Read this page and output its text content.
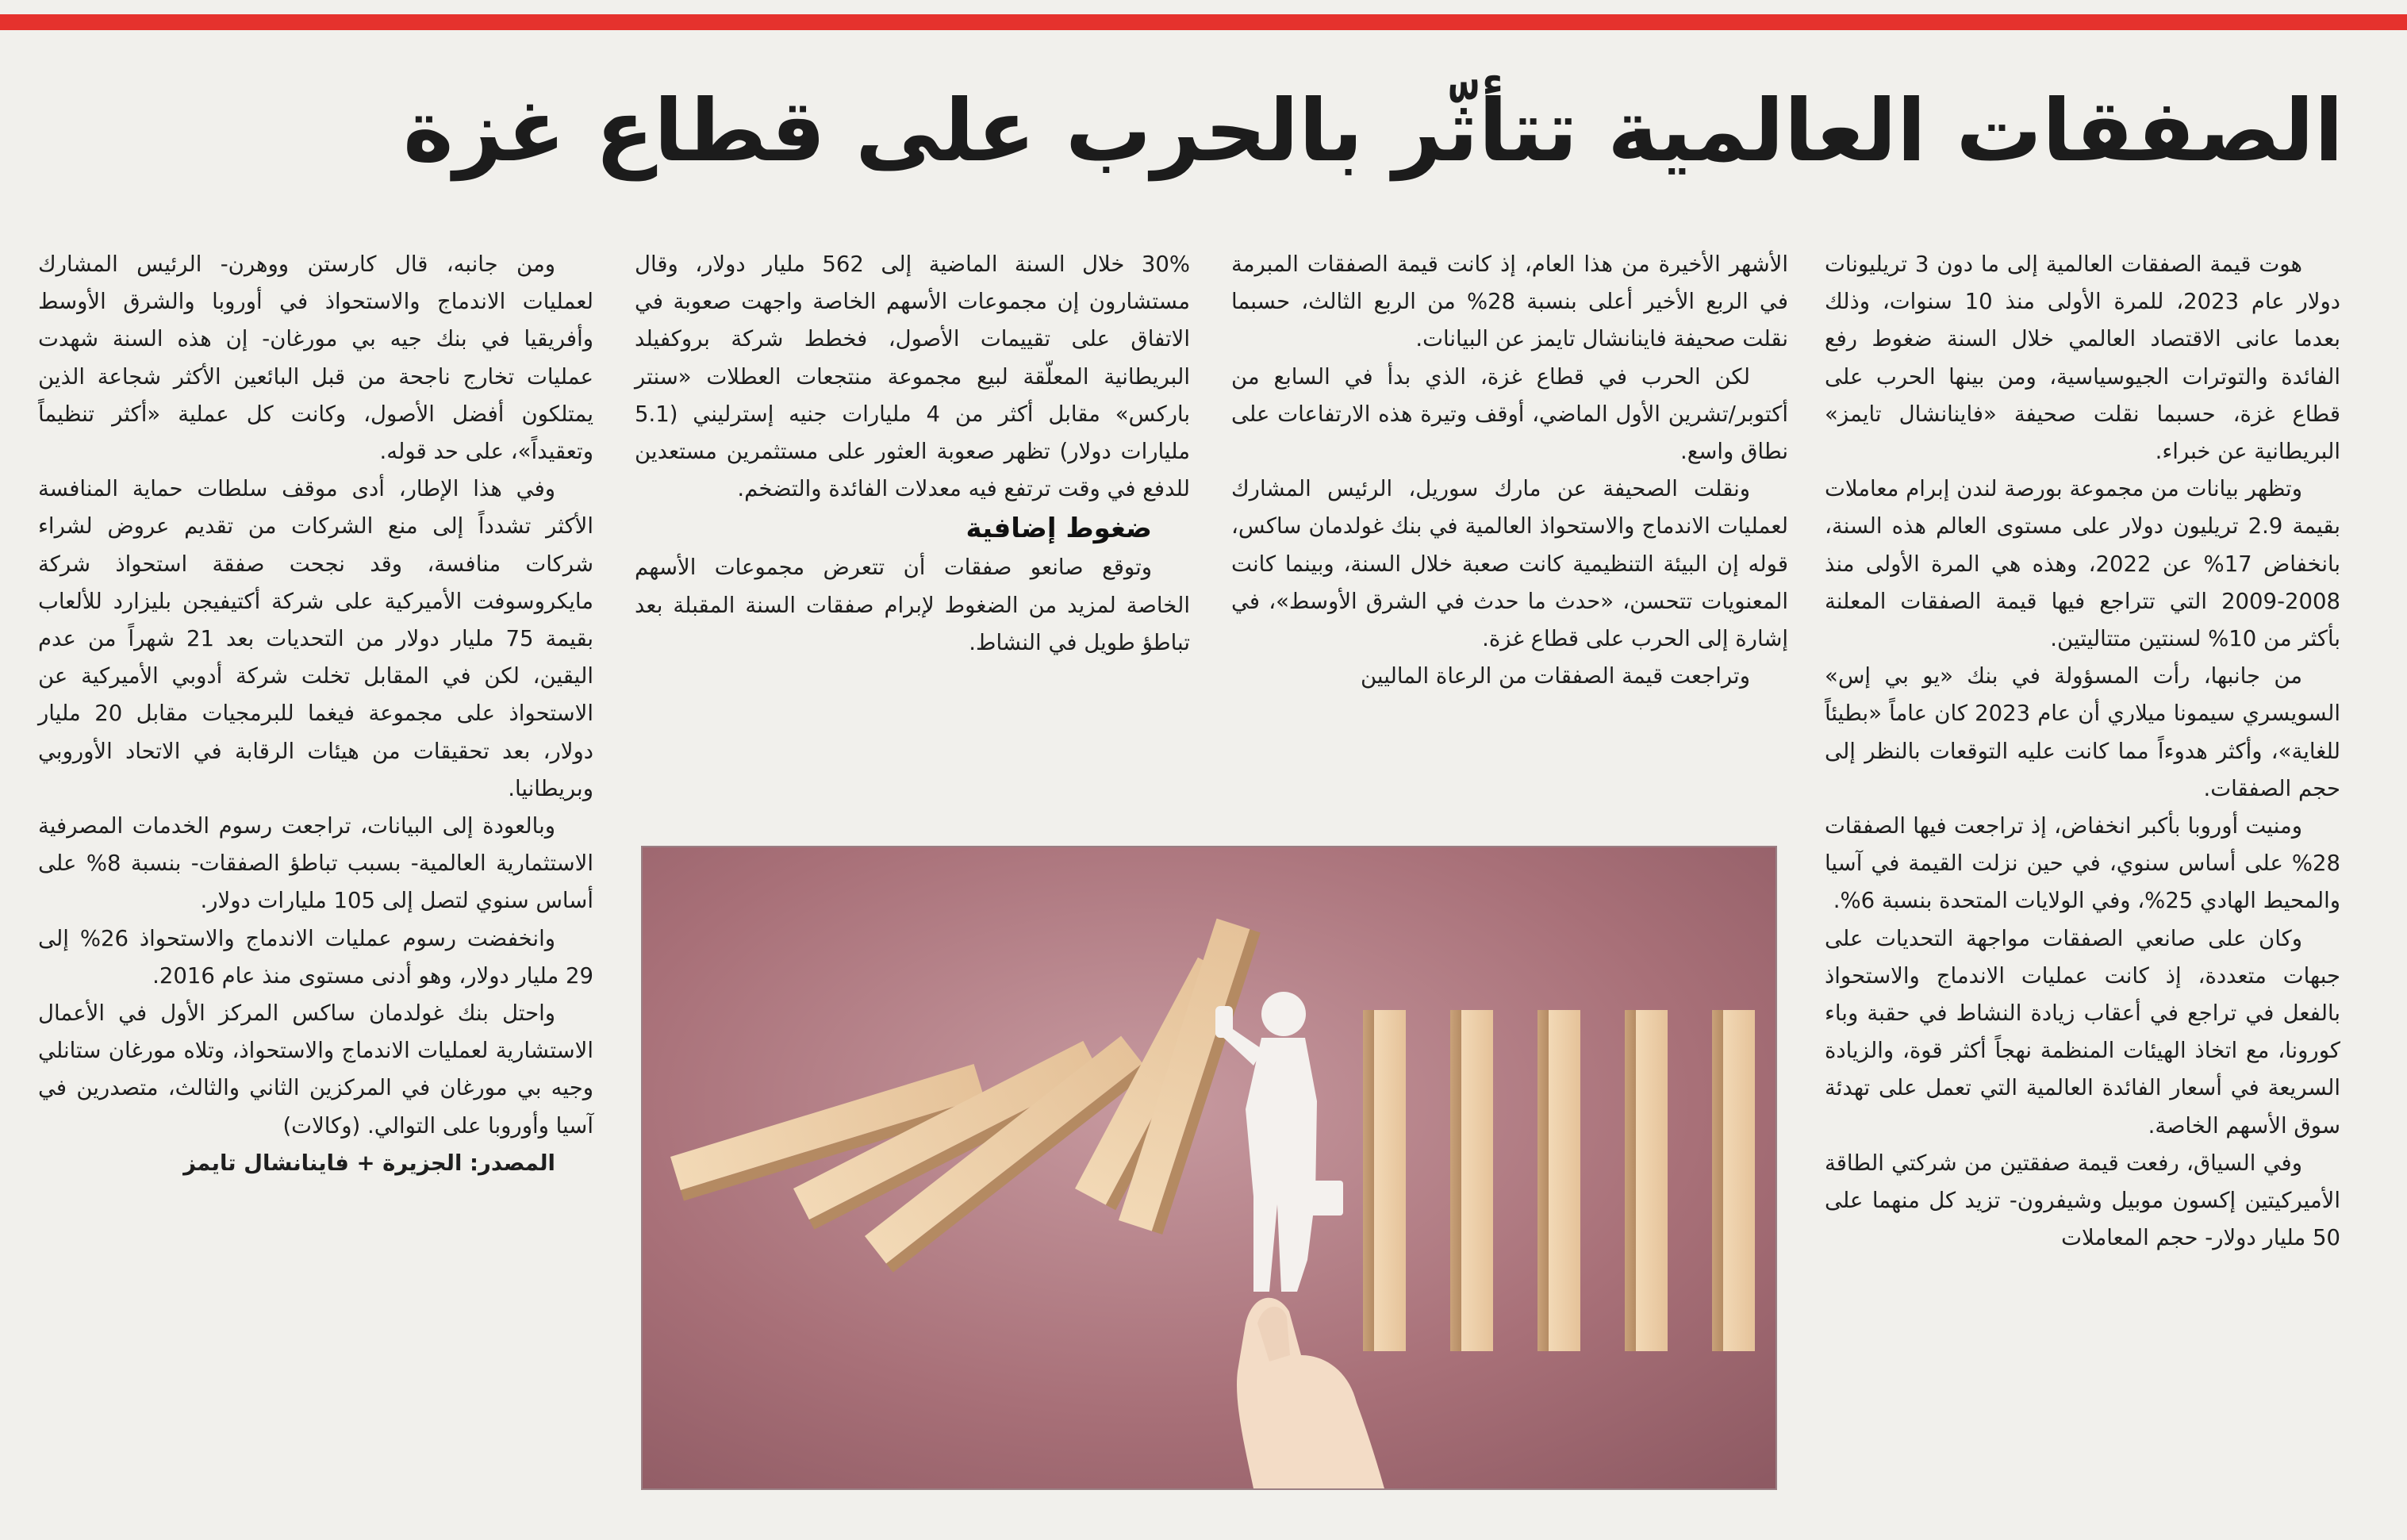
الصفقات العالمية تتأثّر بالحرب على قطاع غزة

هوت قيمة الصفقات العالمية إلى ما دون 3 تريليونات دولار عام 2023، للمرة الأولى منذ 10 سنوات، وذلك بعدما عانى الاقتصاد العالمي خلال السنة ضغوط رفع الفائدة والتوترات الجيوسياسية، ومن بينها الحرب على قطاع غزة، حسبما نقلت صحيفة «فاينانشال تايمز» البريطانية عن خبراء.

وتظهر بيانات من مجموعة بورصة لندن إبرام معاملات بقيمة 2.9 تريليون دولار على مستوى العالم هذه السنة، بانخفاض 17% عن 2022، وهذه هي المرة الأولى منذ 2008-2009 التي تتراجع فيها قيمة الصفقات المعلنة بأكثر من 10% لسنتين متتاليتين.

من جانبها، رأت المسؤولة في بنك «يو بي إس» السويسري سيمونا ميلاري أن عام 2023 كان عاماً «بطيئاً للغاية»، وأكثر هدوءاً مما كانت عليه التوقعات بالنظر إلى حجم الصفقات.

ومنيت أوروبا بأكبر انخفاض، إذ تراجعت فيها الصفقات 28% على أساس سنوي، في حين نزلت القيمة في آسيا والمحيط الهادي 25%، وفي الولايات المتحدة بنسبة 6%.

وكان على صانعي الصفقات مواجهة التحديات على جبهات متعددة، إذ كانت عمليات الاندماج والاستحواذ بالفعل في تراجع في أعقاب زيادة النشاط في حقبة وباء كورونا، مع اتخاذ الهيئات المنظمة نهجاً أكثر قوة، والزيادة السريعة في أسعار الفائدة العالمية التي تعمل على تهدئة سوق الأسهم الخاصة.

وفي السياق، رفعت قيمة صفقتين من شركتي الطاقة الأميركيتين إكسون موبيل وشيفرون- تزيد كل منهما على 50 مليار دولار- حجم المعاملات

الأشهر الأخيرة من هذا العام، إذ كانت قيمة الصفقات المبرمة في الربع الأخير أعلى بنسبة 28% من الربع الثالث، حسبما نقلت صحيفة فاينانشال تايمز عن البيانات.

لكن الحرب في قطاع غزة، الذي بدأ في السابع من أكتوبر/تشرين الأول الماضي، أوقف وتيرة هذه الارتفاعات على نطاق واسع.

ونقلت الصحيفة عن مارك سوريل، الرئيس المشارك لعمليات الاندماج والاستحواذ العالمية في بنك غولدمان ساكس، قوله إن البيئة التنظيمية كانت صعبة خلال السنة، وبينما كانت المعنويات تتحسن، «حدث ما حدث في الشرق الأوسط»، في إشارة إلى الحرب على قطاع غزة.

وتراجعت قيمة الصفقات من الرعاة الماليين

30% خلال السنة الماضية إلى 562 مليار دولار، وقال مستشارون إن مجموعات الأسهم الخاصة واجهت صعوبة في الاتفاق على تقييمات الأصول، فخطط شركة بروكفيلد البريطانية المعلّقة لبيع مجموعة منتجعات العطلات «سنتر باركس» مقابل أكثر من 4 مليارات جنيه إسترليني (5.1 مليارات دولار) تظهر صعوبة العثور على مستثمرين مستعدين للدفع في وقت ترتفع فيه معدلات الفائدة والتضخم.

ضغوط إضافية

وتوقع صانعو صفقات أن تتعرض مجموعات الأسهم الخاصة لمزيد من الضغوط لإبرام صفقات السنة المقبلة بعد تباطؤ طويل في النشاط.

ومن جانبه، قال كارستن ووهرن- الرئيس المشارك لعمليات الاندماج والاستحواذ في أوروبا والشرق الأوسط وأفريقيا في بنك جيه بي مورغان- إن هذه السنة شهدت عمليات تخارج ناجحة من قبل البائعين الأكثر شجاعة الذين يمتلكون أفضل الأصول، وكانت كل عملية «أكثر تنظيماً وتعقيداً»، على حد قوله.

وفي هذا الإطار، أدى موقف سلطات حماية المنافسة الأكثر تشدداً إلى منع الشركات من تقديم عروض لشراء شركات منافسة، وقد نجحت صفقة استحواذ شركة مايكروسوفت الأميركية على شركة أكتيفيجن بليزارد للألعاب بقيمة 75 مليار دولار من التحديات بعد 21 شهراً من عدم اليقين، لكن في المقابل تخلت شركة أدوبي الأميركية عن الاستحواذ على مجموعة فيغما للبرمجيات مقابل 20 مليار دولار، بعد تحقيقات من هيئات الرقابة في الاتحاد الأوروبي وبريطانيا.

وبالعودة إلى البيانات، تراجعت رسوم الخدمات المصرفية الاستثمارية العالمية- بسبب تباطؤ الصفقات- بنسبة 8% على أساس سنوي لتصل إلى 105 مليارات دولار.

وانخفضت رسوم عمليات الاندماج والاستحواذ 26% إلى 29 مليار دولار، وهو أدنى مستوى منذ عام 2016.

واحتل بنك غولدمان ساكس المركز الأول في الأعمال الاستشارية لعمليات الاندماج والاستحواذ، وتلاه مورغان ستانلي وجيه بي مورغان في المركزين الثاني والثالث، متصدرين في آسيا وأوروبا على التوالي. (وكالات)

المصدر: الجزيرة + فاينانشال تايمز
